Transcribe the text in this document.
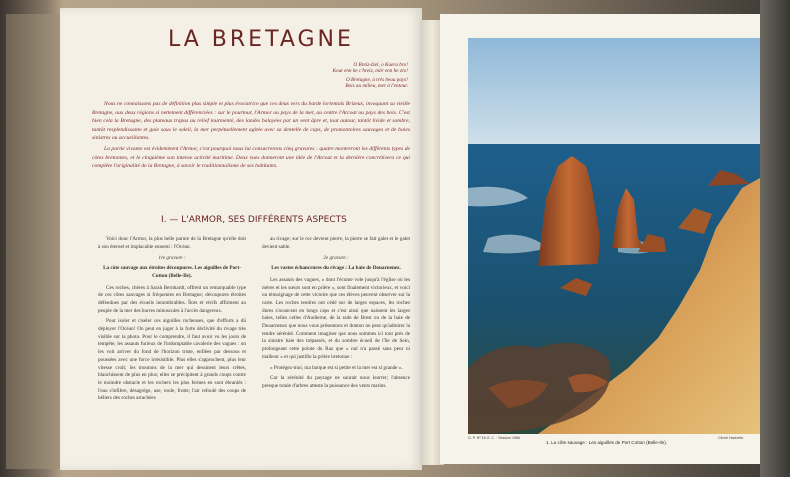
LA BRETAGNE
O Breiz-Izel, o Kaera bro!
Koat enn he c'hreiz, môr enn he zro!
O Bretagne, à très beau pays!
Bois au milieu, mer à l'entour.

Nous ne connaissons pas de définition plus simple et plus évocatrice que ces deux vers du barde lorientais Brizeux, invoquant sa vieille Bretagne, aux deux régions si nettement différenciées : sur le pourtour, l'Armor ou pays de la mer, au centre l'Arcoat ou pays des bois. C'est bien cela la Bretagne, des plateaux trapus au relief tourmenté, des landes balayées par un vent âpre et, tout autour, tantôt livide et sombre, tantôt resplendissante et gaie sous le soleil, la mer perpétuellement agitée avec sa dentelle de caps, de promontoires sauvages et de baies sinistres ou accueillantes.

La partie vivante est évidemment l'Armor, c'est pourquoi nous lui consacrerons cinq gravures : quatre montreront les différents types de côtes bretonnes, et le cinquième son intense activité maritime. Deux vues donneront une idée de l'Arcoat et la dernière concrétisera ce qui complète l'originalité de la Bretagne, à savoir le traditionnalisme de ses habitants.

I. — L'ARMOR, SES DIFFÉRENTS ASPECTS

Voici donc l'Armor, la plus belle parure de la Bretagne qu'elle doit à son éternel et implacable ennemi : l'Océan.

1re gravure :
La côte sauvage aux étroites découpures. Les aiguilles de Port-Cotton (Belle-Ile).

Ces roches, chères à Sarah Bernhardt, offrent un remarquable type de ces côtes sauvages si fréquentes en Bretagne; découpures étroites défendues par des écueils innombrables. Îlots et récifs affirment au peuple de la mer des hurres minuscules à l'accès dangereux.

Pour isoler et ciseler ces aiguilles rocheuses, que d'efforts a dû déployer l'Océan! On peut en juger à la forte déclivité du rivage très visible sur la photo. Pour le comprendre, il faut avoir vu les jours de tempête, les assauts furieux de l'indomptable cavalerie des vagues : on les voit arriver du fond de l'horizon triste, enflées par dessous et poussées avec une force irrésistible. Plus elles s'approchent, plus leur vitesse croît; les moutons de la mer qui dessinent leurs crêtes, blanchissent de plus en plus; elles se précipitent à grands coups contre le moindre obstacle et les rochers les plus fermes en sont ébranlés : l'eau s'infiltre, désagrège, use, roule, frotte; l'air refoulé des coups de béliers des roches arrachées

au rivage; sur le roc devient pierre, la pierre se fait galet et le galet devient sable.

2e gravure :
Les vastes échancrures du rivage : La baie de Douarnenez.

Les assauts des vagues, « dont l'écume vole jusqu'à l'église où les mères et les sœurs sont en prière », sont finalement victorieux, et voici un témoignage de cette victoire que ces élèves peuvent observer sur la carte. Les roches tendres ont cédé sur de larges espaces, les roches dures s'avancent en longs caps et c'est ainsi que naissent les larges baies, telles celles d'Audierne, de la rade de Brest ou de la baie de Douarnenez que nous vous présentons et donton ne peut qu'admirer la tendre sérénité. Comment imaginer que nous sommes ici tout près de la sinistre baie des trépassés, et du sombre écueil de l'île de Sein, prolongeant cette pointe du Raz que « nul n'a passé sans peur ni malheur » et qui justifie la prière bretonne :

« Protégez-moi, ma barque est si petite et la mer est si grande ».

Car la sérénité du paysage ne saurait nous leurrer; l'absence presque totale d'arbres atteste la puissance des vents marins.

G. P. Nº 18 G. C. · Session 1966
1. La côte sauvage : Les aiguilles de Port Cotton (Belle-Ile).
Cliché Hachette
